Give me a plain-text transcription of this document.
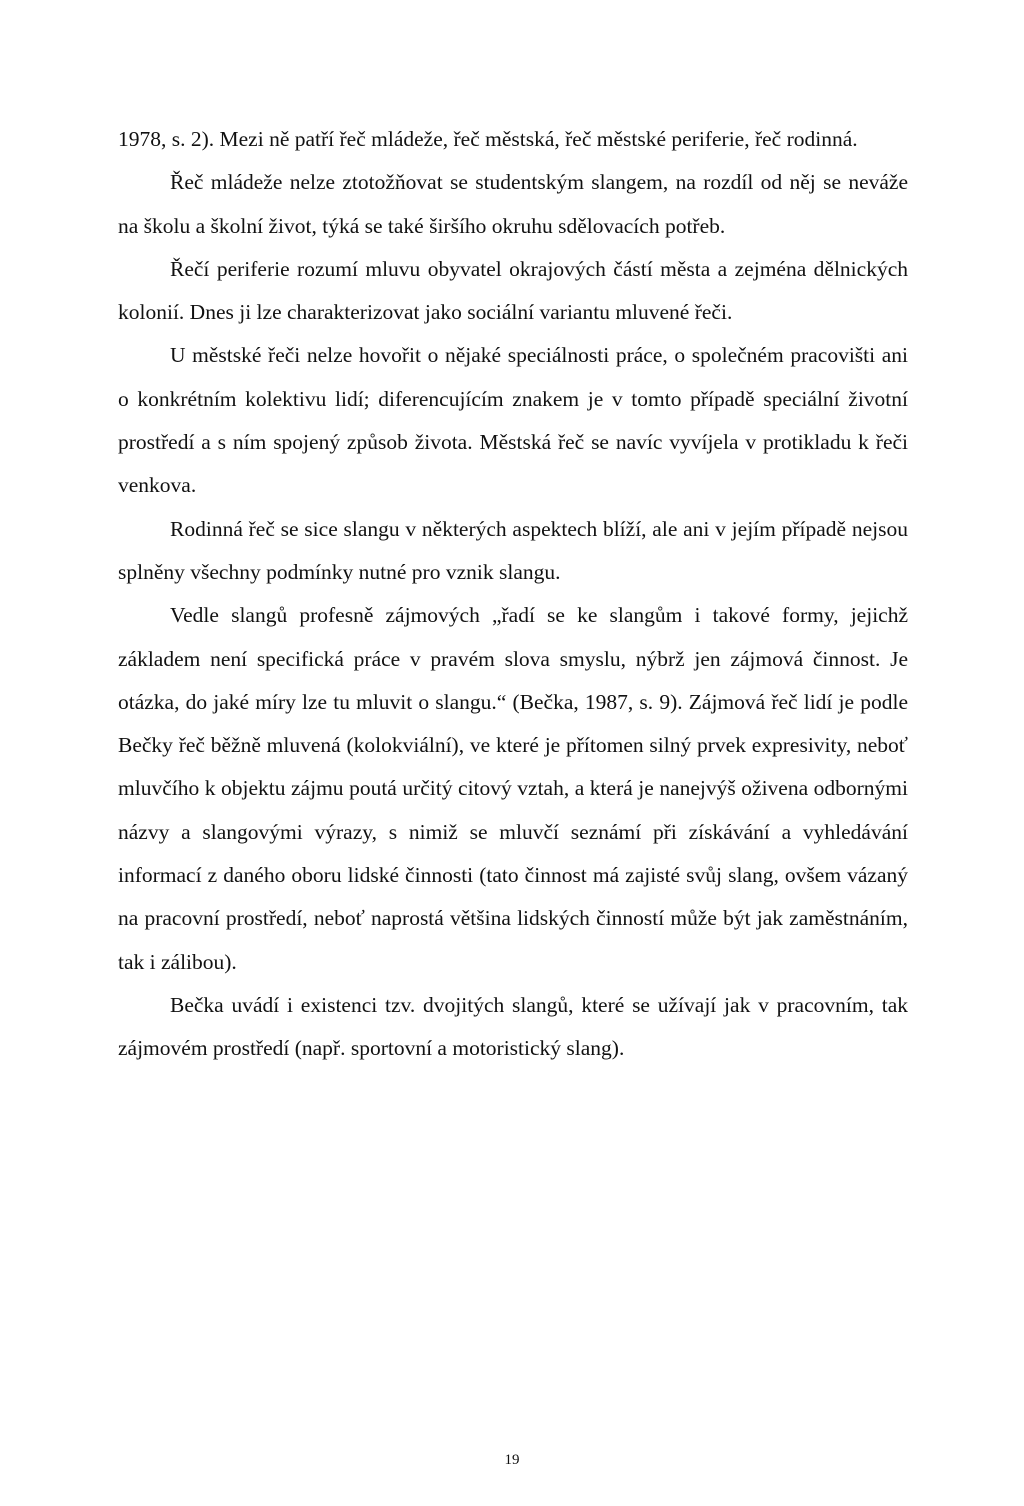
1978, s. 2). Mezi ně patří řeč mládeže, řeč městská, řeč městské periferie, řeč rodinná.

Řeč mládeže nelze ztotožňovat se studentským slangem, na rozdíl od něj se neváže na školu a školní život, týká se také širšího okruhu sdělovacích potřeb.

Řečí periferie rozumí mluvu obyvatel okrajových částí města a zejména dělnických kolonií. Dnes ji lze charakterizovat jako sociální variantu mluvené řeči.

U městské řeči nelze hovořit o nějaké speciálnosti práce, o společném pracovišti ani o konkrétním kolektivu lidí; diferencujícím znakem je v tomto případě speciální životní prostředí a s ním spojený způsob života. Městská řeč se navíc vyvíjela v protikladu k řeči venkova.

Rodinná řeč se sice slangu v některých aspektech blíží, ale ani v jejím případě nejsou splněny všechny podmínky nutné pro vznik slangu.

Vedle slangů profesně zájmových „řadí se ke slangům i takové formy, jejichž základem není specifická práce v pravém slova smyslu, nýbrž jen zájmová činnost. Je otázka, do jaké míry lze tu mluvit o slangu.“ (Bečka, 1987, s. 9). Zájmová řeč lidí je podle Bečky řeč běžně mluvená (kolokviální), ve které je přítomen silný prvek expresivity, neboť mluvčího k objektu zájmu poutá určitý citový vztah, a která je nanejvýš oživena odbornými názvy a slangovými výrazy, s nimiž se mluvčí seznámí při získávání a vyhledávání informací z daného oboru lidské činnosti (tato činnost má zajisté svůj slang, ovšem vázaný na pracovní prostředí, neboť naprostá většina lidských činností může být jak zaměstnáním, tak i zálibou).

Bečka uvádí i existenci tzv. dvojitých slangů, které se užívají jak v pracovním, tak zájmovém prostředí (např. sportovní a motoristický slang).

19
